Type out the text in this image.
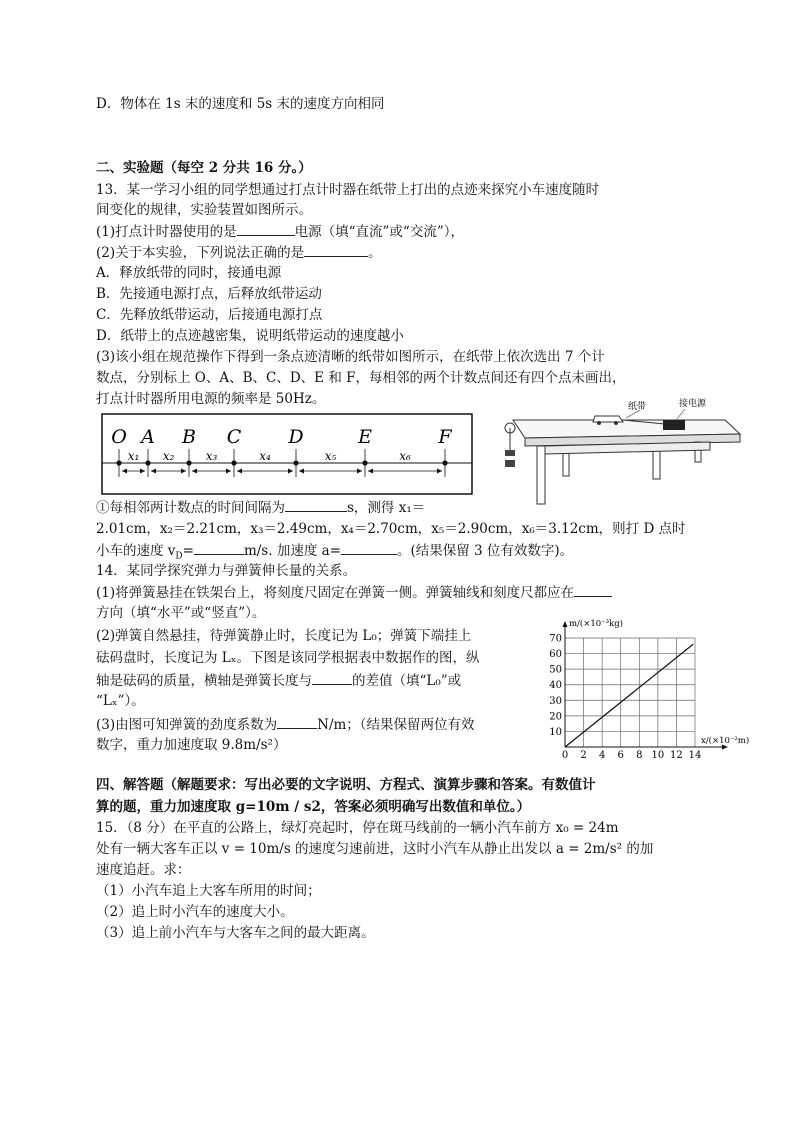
D．物体在 1s 末的速度和 5s 末的速度方向相同
二、实验题（每空 2 分共 16 分。）
13．某一学习小组的同学想通过打点计时器在纸带上打出的点迹来探究小车速度随时
间变化的规律，实验装置如图所示。
(1)打点计时器使用的是	电源（填“直流”或“交流”），
(2)关于本实验，下列说法正确的是	。
A．释放纸带的同时，接通电源
B．先接通电源打点，后释放纸带运动
C．先释放纸带运动，后接通电源打点
D．纸带上的点迹越密集，说明纸带运动的速度越小
(3)该小组在规范操作下得到一条点迹清晰的纸带如图所示，在纸带上依次选出 7 个计
数点，分别标上 O、A、B、C、D、E 和 F，每相邻的两个计数点间还有四个点未画出，
打点计时器所用电源的频率是 50Hz。
O A B C D	E	F
x₁ x₂	x₃	x₄	x₅	x₆
纸带	接电源
①每相邻两计数点的时间间隔为	s，测得 x₁＝
2.01cm，x₂＝2.21cm，x₃＝2.49cm，x₄＝2.70cm，x₅＝2.90cm，x₆＝3.12cm，则打 D 点时
小车的速度 $v_D=$	m/s. 加速度 a=	。(结果保留 3 位有效数字)。
14．某同学探究弹力与弹簧伸长量的关系。
(1)将弹簧悬挂在铁架台上，将刻度尺固定在弹簧一侧。弹簧轴线和刻度尺都应在
方向（填“水平”或“竖直”）。
(2)弹簧自然悬挂，待弹簧静止时，长度记为 L₀；弹簧下端挂上
砝码盘时，长度记为 Lₓ。下图是该同学根据表中数据作的图，纵
轴是砝码的质量，横轴是弹簧长度与	的差值（填“L₀”或
“Lₓ”）。
(3)由图可知弹簧的劲度系数为	N/m；（结果保留两位有效
数字，重力加速度取 9.8m/s²）
0 2 4 6 8 10 12 14
10
20
30
40
50
60
70
m/(×10⁻³kg)
x/(×10⁻²m)
四、解答题（解题要求：写出必要的文字说明、方程式、演算步骤和答案。有数值计
算的题，重力加速度取 g=10m / s2，答案必须明确写出数值和单位。）
15．（8 分）在平直的公路上，绿灯亮起时，停在斑马线前的一辆小汽车前方 x₀ = 24m
处有一辆大客车正以 v = 10m/s 的速度匀速前进，这时小汽车从静止出发以 a = 2m/s² 的加
速度追赶。求：
（1）小汽车追上大客车所用的时间；
（2）追上时小汽车的速度大小。
（3）追上前小汽车与大客车之间的最大距离。
